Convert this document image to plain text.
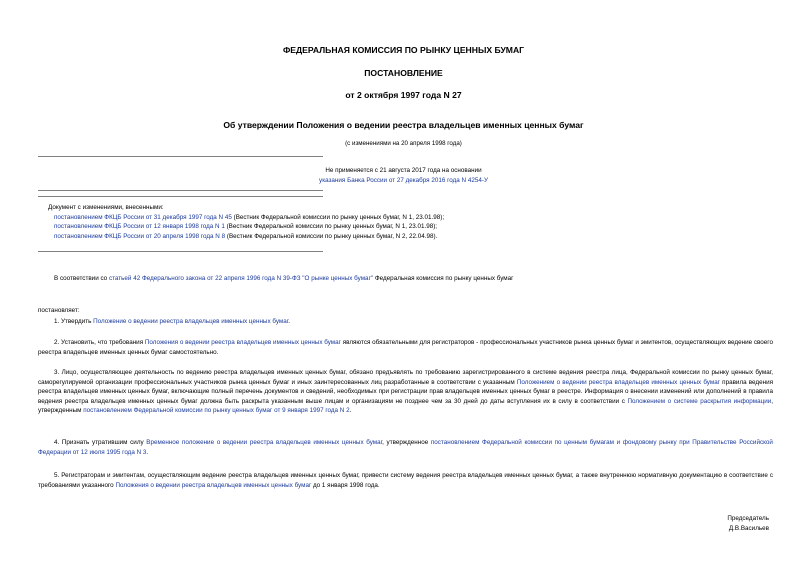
ФЕДЕРАЛЬНАЯ КОМИССИЯ ПО РЫНКУ ЦЕННЫХ БУМАГ
ПОСТАНОВЛЕНИЕ
от 2 октября 1997 года N 27
Об утверждении Положения о ведении реестра владельцев именных ценных бумаг
(с изменениями на 20 апреля 1998 года)
Не применяется с 21 августа 2017 года на основании
указания Банка России от 27 декабря 2016 года N 4254-У
Документ с изменениями, внесенными:
постановлением ФКЦБ России от 31 декабря 1997 года N 45 (Вестник Федеральной комиссии по рынку ценных бумаг, N 1, 23.01.98);
постановлением ФКЦБ России от 12 января 1998 года N 1 (Вестник Федеральной комиссии по рынку ценных бумаг, N 1, 23.01.98);
постановлением ФКЦБ России от 20 апреля 1998 года N 8 (Вестник Федеральной комиссии по рынку ценных бумаг, N 2, 22.04.98).
В соответствии со статьей 42 Федерального закона от 22 апреля 1996 года N 39-ФЗ "О рынке ценных бумаг" Федеральная комиссия по рынку ценных бумаг
постановляет:
1. Утвердить Положение о ведении реестра владельцев именных ценных бумаг.
2. Установить, что требования Положения о ведении реестра владельцев именных ценных бумаг являются обязательными для регистраторов - профессиональных участников рынка ценных бумаг и эмитентов, осуществляющих ведение своего реестра владельцев именных ценных бумаг самостоятельно.
3. Лицо, осуществляющее деятельность по ведению реестра владельцев именных ценных бумаг, обязано предъявлять по требованию зарегистрированного в системе ведения реестра лица, Федеральной комиссии по рынку ценных бумаг, саморегулируемой организации профессиональных участников рынка ценных бумаг и иных заинтересованных лиц разработанные в соответствии с указанным Положением о ведении реестра владельцев именных ценных бумаг правила ведения реестра владельцев именных ценных бумаг, включающие полный перечень документов и сведений, необходимых при регистрации прав владельцев именных ценных бумаг в реестре. Информация о внесении изменений или дополнений в правила ведения реестра владельцев именных ценных бумаг должна быть раскрыта указанным выше лицам и организациям не позднее чем за 30 дней до даты вступления их в силу в соответствии с Положением о системе раскрытия информации, утвержденным постановлением Федеральной комиссии по рынку ценных бумаг от 9 января 1997 года N 2.
4. Признать утратившим силу Временное положение о ведении реестра владельцев именных ценных бумаг, утвержденное постановлением Федеральной комиссии по ценным бумагам и фондовому рынку при Правительстве Российской Федерации от 12 июля 1995 года N 3.
5. Регистраторам и эмитентам, осуществляющим ведение реестра владельцев именных ценных бумаг, привести систему ведения реестра владельцев именных ценных бумаг, а также внутреннюю нормативную документацию в соответствие с требованиями указанного Положения о ведении реестра владельцев именных ценных бумаг до 1 января 1998 года.
Председатель
Д.В.Васильев
